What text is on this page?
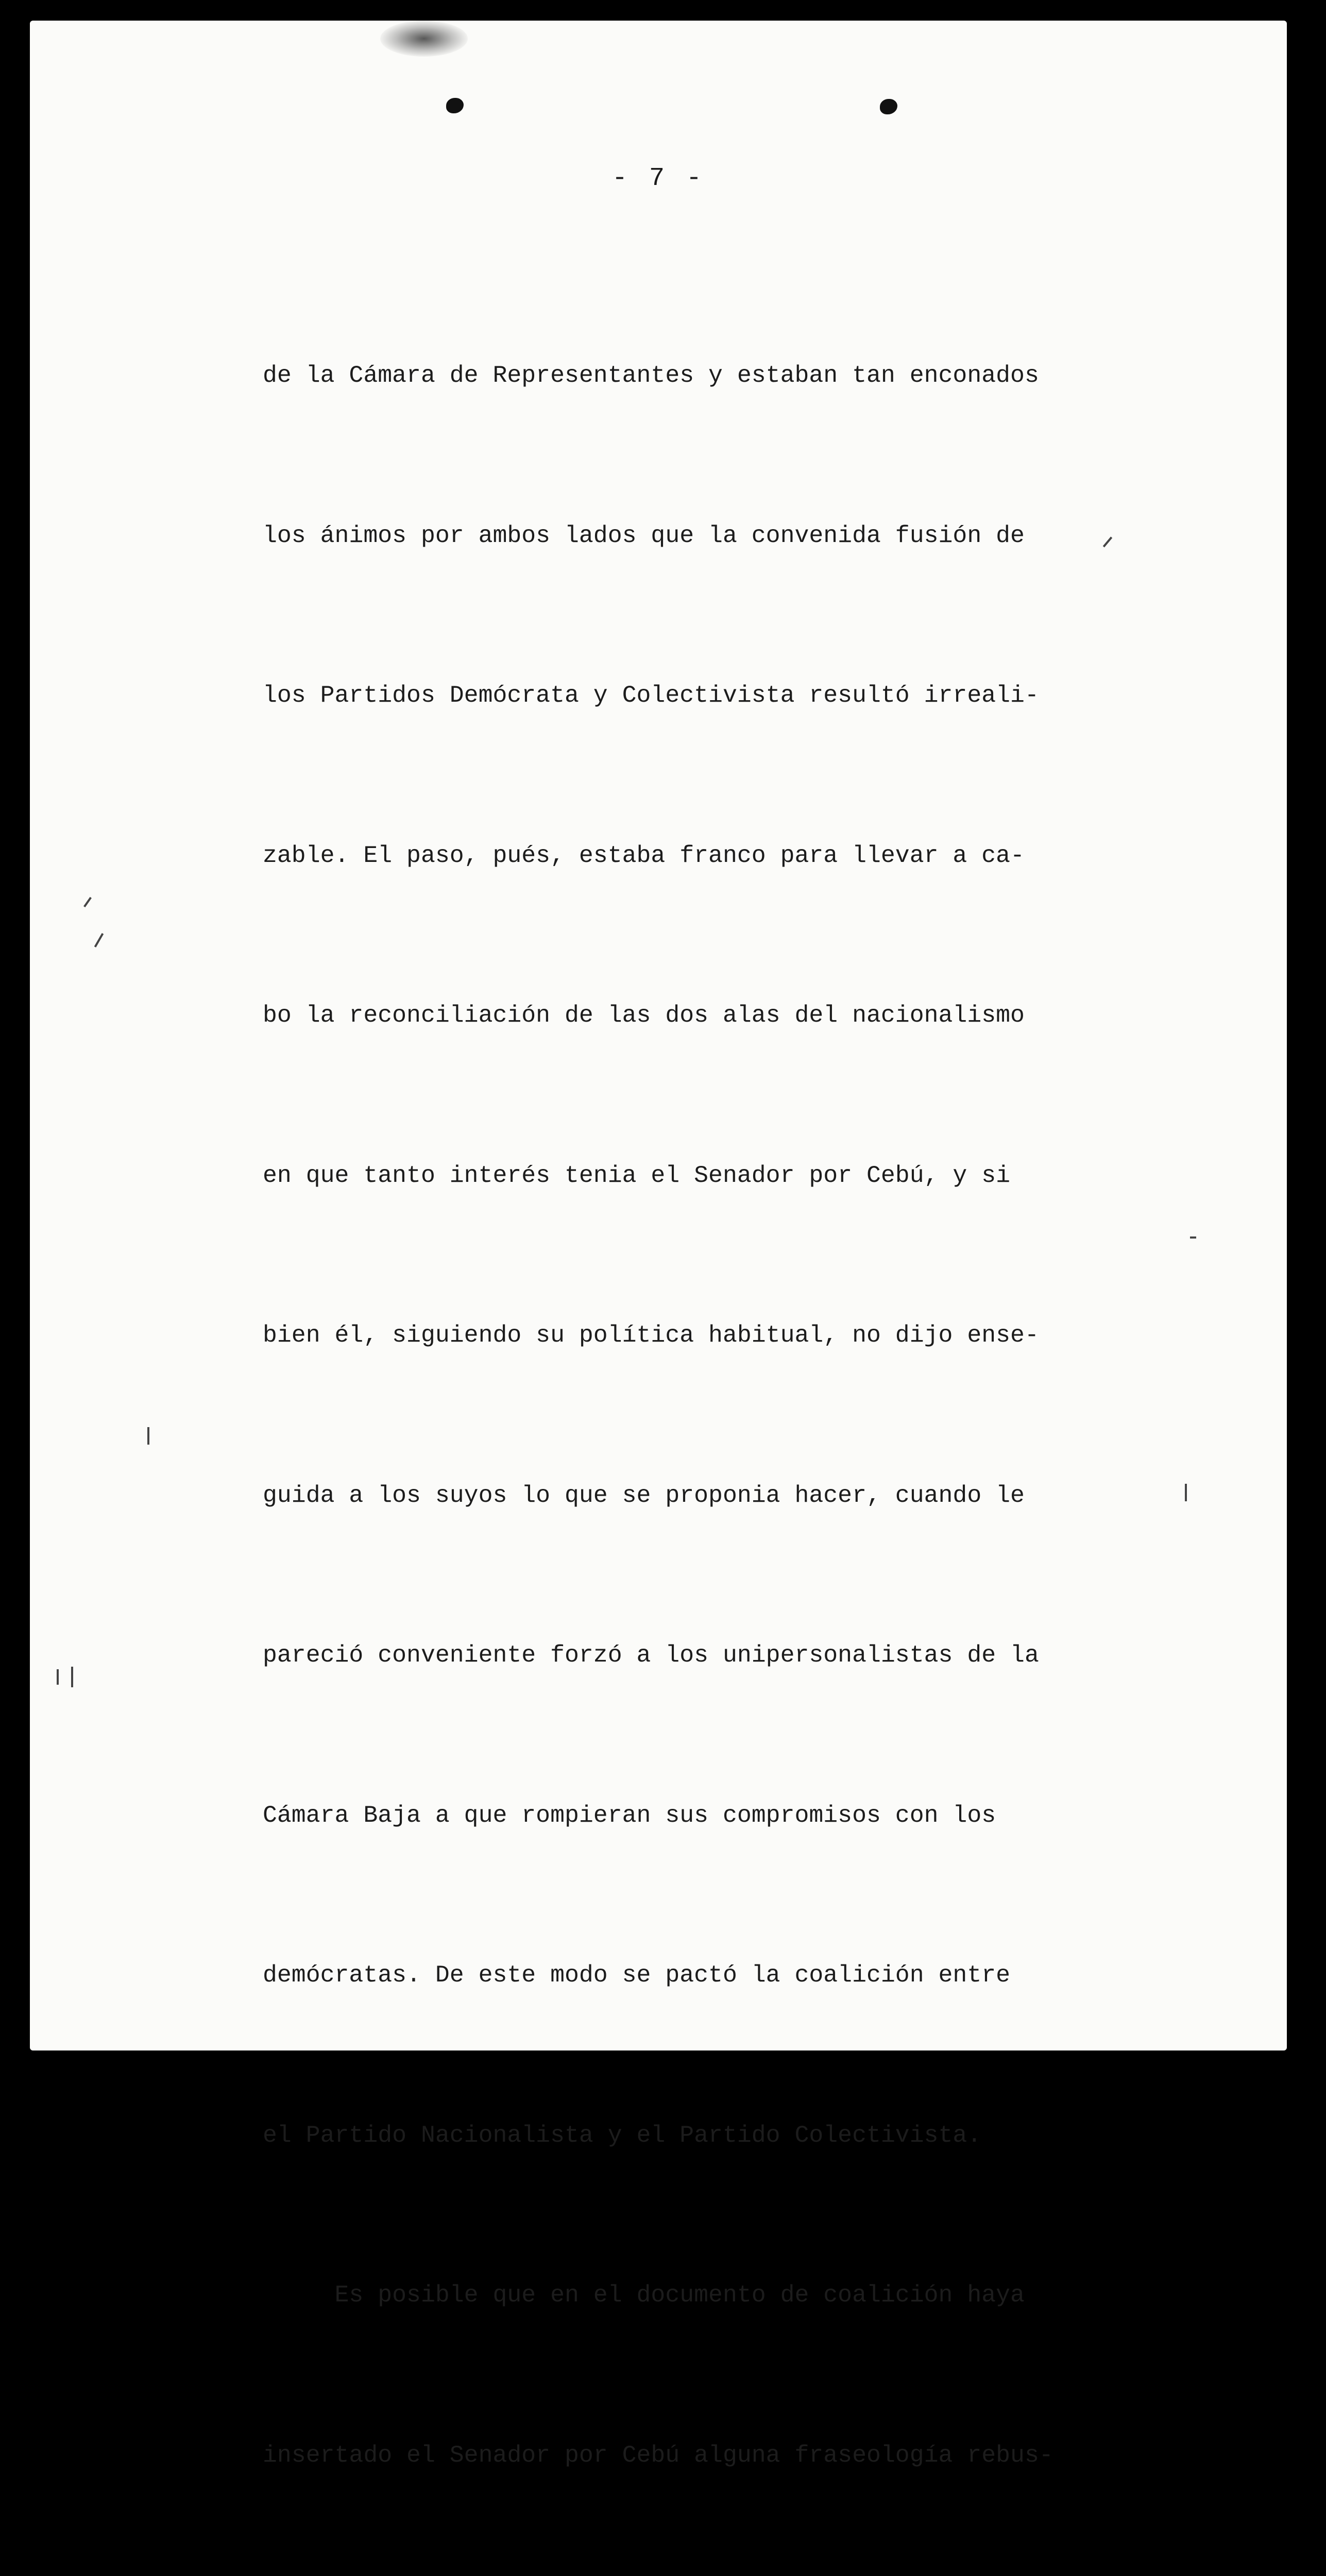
- 7 -

de la Cámara de Representantes y estaban tan enconados

los ánimos por ambos lados que la convenida fusión de

los Partidos Demócrata y Colectivista resultó irreali-

zable. El paso, pués, estaba franco para llevar a ca-

bo la reconciliación de las dos alas del nacionalismo

en que tanto interés tenia el Senador por Cebú, y si

bien él, siguiendo su política habitual, no dijo ense-

guida a los suyos lo que se proponia hacer, cuando le

pareció conveniente forzó a los unipersonalistas de la

Cámara Baja a que rompieran sus compromisos con los

demócratas. De este modo se pactó la coalición entre

el Partido Nacionalista y el Partido Colectivista.

Es posible que en el documento de coalición haya

insertado el Senador por Cebú alguna fraseología rebus-
